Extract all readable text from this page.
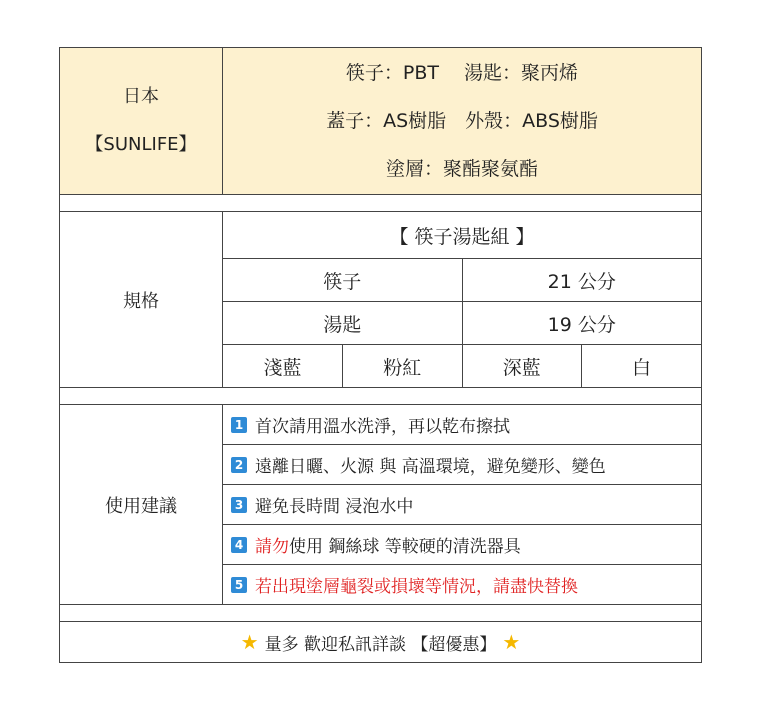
日本
【SUNLIFE】

筷子：PBT　 湯匙：聚丙烯
蓋子：AS樹脂　外殼：ABS樹脂
塗層：聚酯聚氨酯

規格	
【 筷子湯匙組 】
筷子	21 公分
湯匙	19 公分
淺藍	粉紅	深藍	白

使用建議	
1 首次請用溫水洗淨，再以乾布擦拭
2 遠離日曬、火源 與 高溫環境，避免變形、變色
3 避免長時間 浸泡水中
4 請勿使用 鋼絲球 等較硬的清洗器具
5 若出現塗層龜裂或損壞等情況，請盡快替換

★ 量多 歡迎私訊詳談 【超優惠】 ★
